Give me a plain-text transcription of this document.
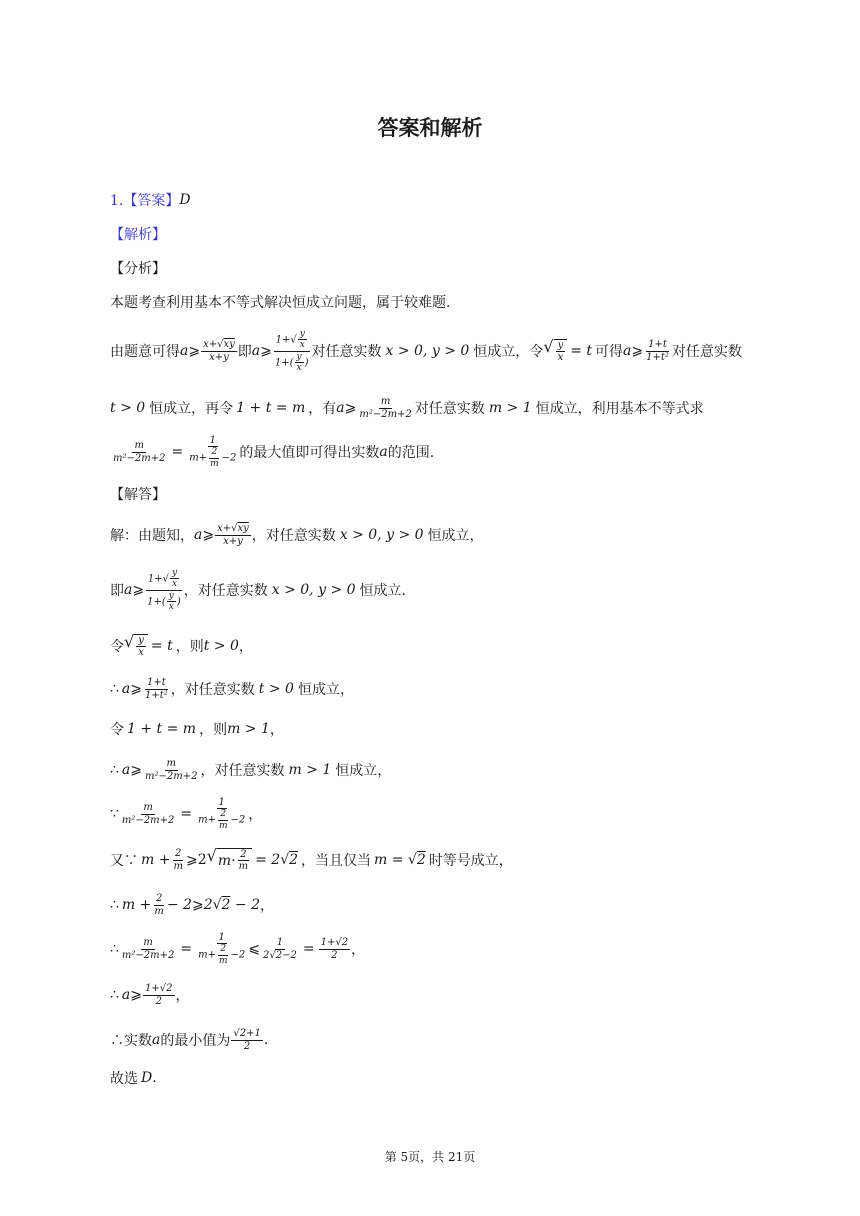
答案和解析
1.【答案】 D
【解析】
【分析】
本题考查利用基本不等式解决恒成立问题，属于较难题.
由题意可得 a ⩾ $\frac{x+√xy}{x+y}$ 即 a ⩾ $\frac{1+√ \frac{y}{x}}{1+( \frac{y}{x} )}$ 对任意实数 x > 0, y > 0 恒成立，令 √ $\frac{y}{x} = t$ 可得 a ⩾ $\frac{1+t}{\text{1+t²}}$ 对任意实数
t > 0 恒成立，再令 1 + t = m ，有 a ⩾ $\frac{m}{\text{m²−2m+2}}$ 对任意实数 m > 1 恒成立，利用基本不等式求
$\frac{m}{\text{m²−2m+2}} = \frac{1}{m+ \frac{2}{m} -2}$ 的最大值即可得出实数 a 的范围.
【解答】
解：由题知， a ⩾ $\frac{x+√xy}{x+y}$ ，对任意实数 x > 0, y > 0 恒成立，
即 a ⩾ $\frac{1+√ \frac{y}{x}}{1+( \frac{y}{x} )}$ ，对任意实数 x > 0, y > 0 恒成立.
令 √ $\frac{y}{x} = t$ ，则 t > 0 ，
∴ a ⩾ $\frac{1+t}{\text{1+t²}}$ ，对任意实数 t > 0 恒成立，
令 1 + t = m ，则 m > 1 ，
∴ a ⩾ $\frac{m}{\text{m²−2m+2}}$ ，对任意实数 m > 1 恒成立，
∵ $\frac{m}{\text{m²−2m+2}} = \frac{1}{m+ \frac{2}{m} -2}$ ，
又∵ $m + \frac{2}{m}$ ⩾ 2 √ $m\cdot \frac{2}{m} = 2√2$ ，当且仅当 m = √2 时等号成立，
∴ $m + \frac{2}{m} - 2$ ⩾ 2√2 − 2 ，
∴ $\frac{m}{\text{m²−2m+2}} = \frac{1}{m+ \frac{2}{m} -2}$ ⩽ $\frac{1}{2√2-2} = \frac{1+√2}{2}$ ，
∴ a ⩾ $\frac{1+√2}{2}$ ，
∴实数 a 的最小值为 $\frac{√2+1}{2}$ .
故选 D .
第 5页，共 21页
